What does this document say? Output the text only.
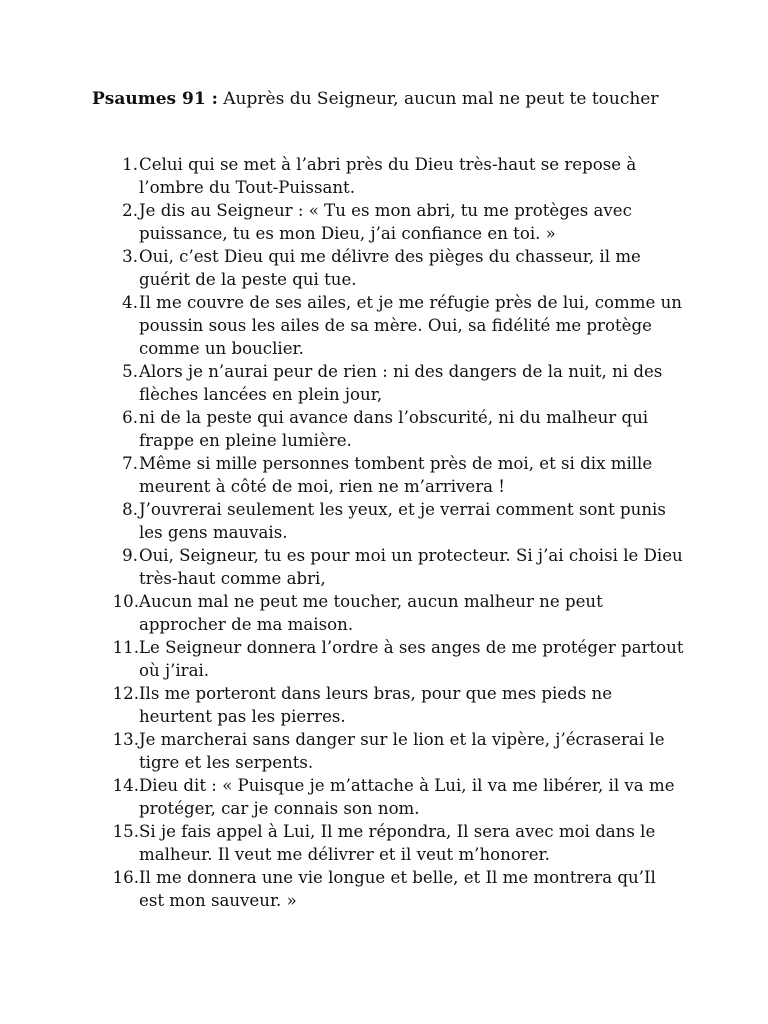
Psaumes 91 : Auprès du Seigneur, aucun mal ne peut te toucher
1. Celui qui se met à l’abri près du Dieu très-haut se repose à l’ombre du Tout-Puissant.
2. Je dis au Seigneur : « Tu es mon abri, tu me protèges avec puissance, tu es mon Dieu, j’ai confiance en toi. »
3. Oui, c’est Dieu qui me délivre des pièges du chasseur, il me guérit de la peste qui tue.
4. Il me couvre de ses ailes, et je me réfugie près de lui, comme un poussin sous les ailes de sa mère. Oui, sa fidélité me protège comme un bouclier.
5. Alors je n’aurai peur de rien : ni des dangers de la nuit, ni des flèches lancées en plein jour,
6. ni de la peste qui avance dans l’obscurité, ni du malheur qui frappe en pleine lumière.
7. Même si mille personnes tombent près de moi, et si dix mille meurent à côté de moi, rien ne m’arrivera !
8. J’ouvrerai seulement les yeux, et je verrai comment sont punis les gens mauvais.
9. Oui, Seigneur, tu es pour moi un protecteur. Si j’ai choisi le Dieu très-haut comme abri,
10. Aucun mal ne peut me toucher, aucun malheur ne peut approcher de ma maison.
11. Le Seigneur donnera l’ordre à ses anges de me protéger partout où j’irai.
12. Ils me porteront dans leurs bras, pour que mes pieds ne heurtent pas les pierres.
13. Je marcherai sans danger sur le lion et la vipère, j’écraserai le tigre et les serpents.
14. Dieu dit : « Puisque je m’attache à Lui, il va me libérer, il va me protéger, car je connais son nom.
15. Si je fais appel à Lui, Il me répondra, Il sera avec moi dans le malheur. Il veut me délivrer et il veut m’honorer.
16. Il me donnera une vie longue et belle, et Il me montrera qu’Il est mon sauveur. »
